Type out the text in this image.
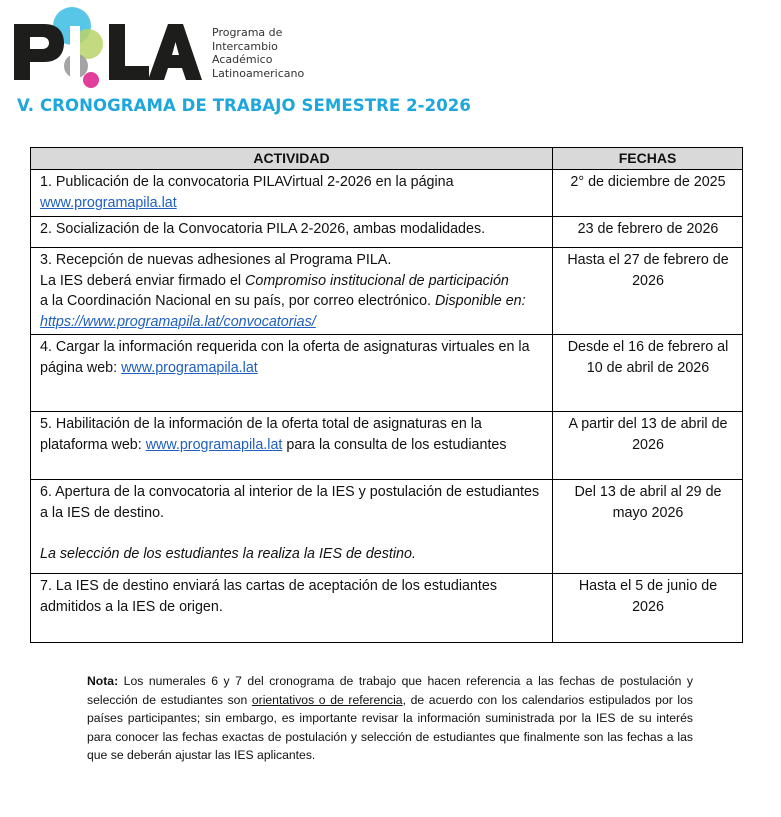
Programa de
Intercambio
Académico
Latinoamericano
V. CRONOGRAMA DE TRABAJO SEMESTRE 2-2026
ACTIVIDAD	FECHAS
1. Publicación de la convocatoria PILAVirtual 2-2026 en la página
www.programapila.lat	2° de diciembre de 2025
2. Socialización de la Convocatoria PILA 2-2026, ambas modalidades.	23 de febrero de 2026
3. Recepción de nuevas adhesiones al Programa PILA.
La IES deberá enviar firmado el Compromiso institucional de participación
a la Coordinación Nacional en su país, por correo electrónico. Disponible en: https://www.programapila.lat/convocatorias/	Hasta el 27 de febrero de 2026
4. Cargar la información requerida con la oferta de asignaturas virtuales en la página web: www.programapila.lat	Desde el 16 de febrero al 10 de abril de 2026
5. Habilitación de la información de la oferta total de asignaturas en la plataforma web: www.programapila.lat para la consulta de los estudiantes	A partir del 13 de abril de 2026
6. Apertura de la convocatoria al interior de la IES y postulación de estudiantes a la IES de destino.

La selección de los estudiantes la realiza la IES de destino.	Del 13 de abril al 29 de mayo 2026
7. La IES de destino enviará las cartas de aceptación de los estudiantes admitidos a la IES de origen.	Hasta el 5 de junio de 2026
Nota: Los numerales 6 y 7 del cronograma de trabajo que hacen referencia a las fechas de postulación y selección de estudiantes son orientativos o de referencia, de acuerdo con los calendarios estipulados por los países participantes; sin embargo, es importante revisar la información suministrada por la IES de su interés para conocer las fechas exactas de postulación y selección de estudiantes que finalmente son las fechas a las que se deberán ajustar las IES aplicantes.
